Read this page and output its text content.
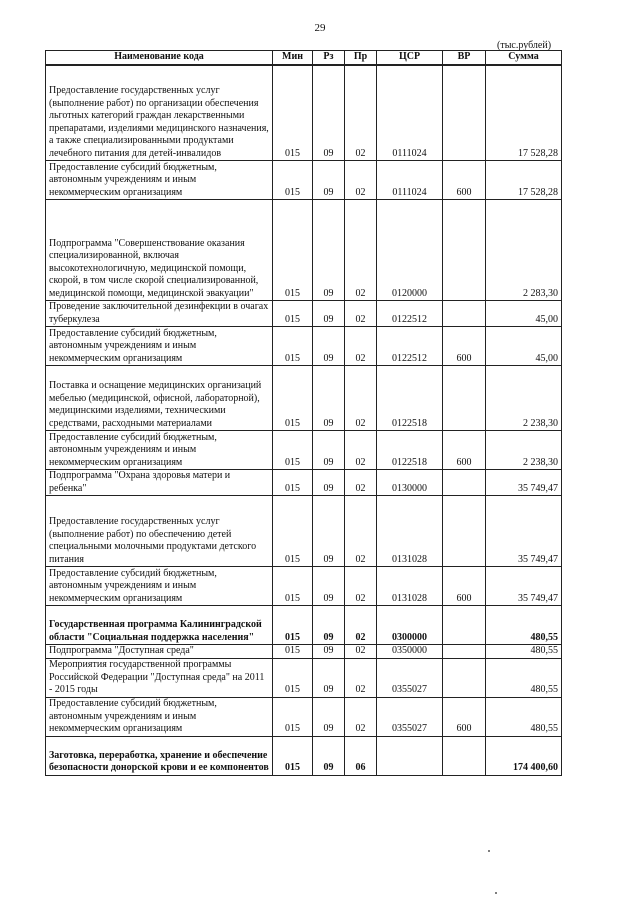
29
(тыс.рублей)
Наименование кода	Мин	Рз	Пр	ЦСР	ВР	Сумма
Предоставление государственных услуг (выполнение работ) по организации обеспечения льготных категорий граждан лекарственными препаратами, изделиями медицинского назначения, а также специализированными продуктами лечебного питания для детей-инвалидов	015	09	02	0111024		17 528,28
Предоставление субсидий бюджетным, автономным учреждениям и иным некоммерческим организациям	015	09	02	0111024	600	17 528,28
Подпрограмма "Совершенствование оказания специализированной, включая высокотехнологичную, медицинской помощи, скорой, в том числе скорой специализированной, медицинской помощи, медицинской эвакуации"	015	09	02	0120000		2 283,30
Проведение заключительной дезинфекции в очагах туберкулеза	015	09	02	0122512		45,00
Предоставление субсидий бюджетным, автономным учреждениям и иным некоммерческим организациям	015	09	02	0122512	600	45,00
Поставка и оснащение медицинских организаций мебелью (медицинской, офисной, лабораторной), медицинскими изделиями, техническими средствами, расходными материалами	015	09	02	0122518		2 238,30
Предоставление субсидий бюджетным, автономным учреждениям и иным некоммерческим организациям	015	09	02	0122518	600	2 238,30
Подпрограмма "Охрана здоровья матери и ребенка"	015	09	02	0130000		35 749,47
Предоставление государственных услуг (выполнение работ) по обеспечению детей специальными молочными продуктами детского питания	015	09	02	0131028		35 749,47
Предоставление субсидий бюджетным, автономным учреждениям и иным некоммерческим организациям	015	09	02	0131028	600	35 749,47
Государственная программа Калининградской области "Социальная поддержка населения"	015	09	02	0300000		480,55
Подпрограмма "Доступная среда"	015	09	02	0350000		480,55
Мероприятия государственной программы Российской Федерации "Доступная среда" на 2011 - 2015 годы	015	09	02	0355027		480,55
Предоставление субсидий бюджетным, автономным учреждениям и иным некоммерческим организациям	015	09	02	0355027	600	480,55
Заготовка, переработка, хранение и обеспечение безопасности донорской крови и ее компонентов	015	09	06			174 400,60
